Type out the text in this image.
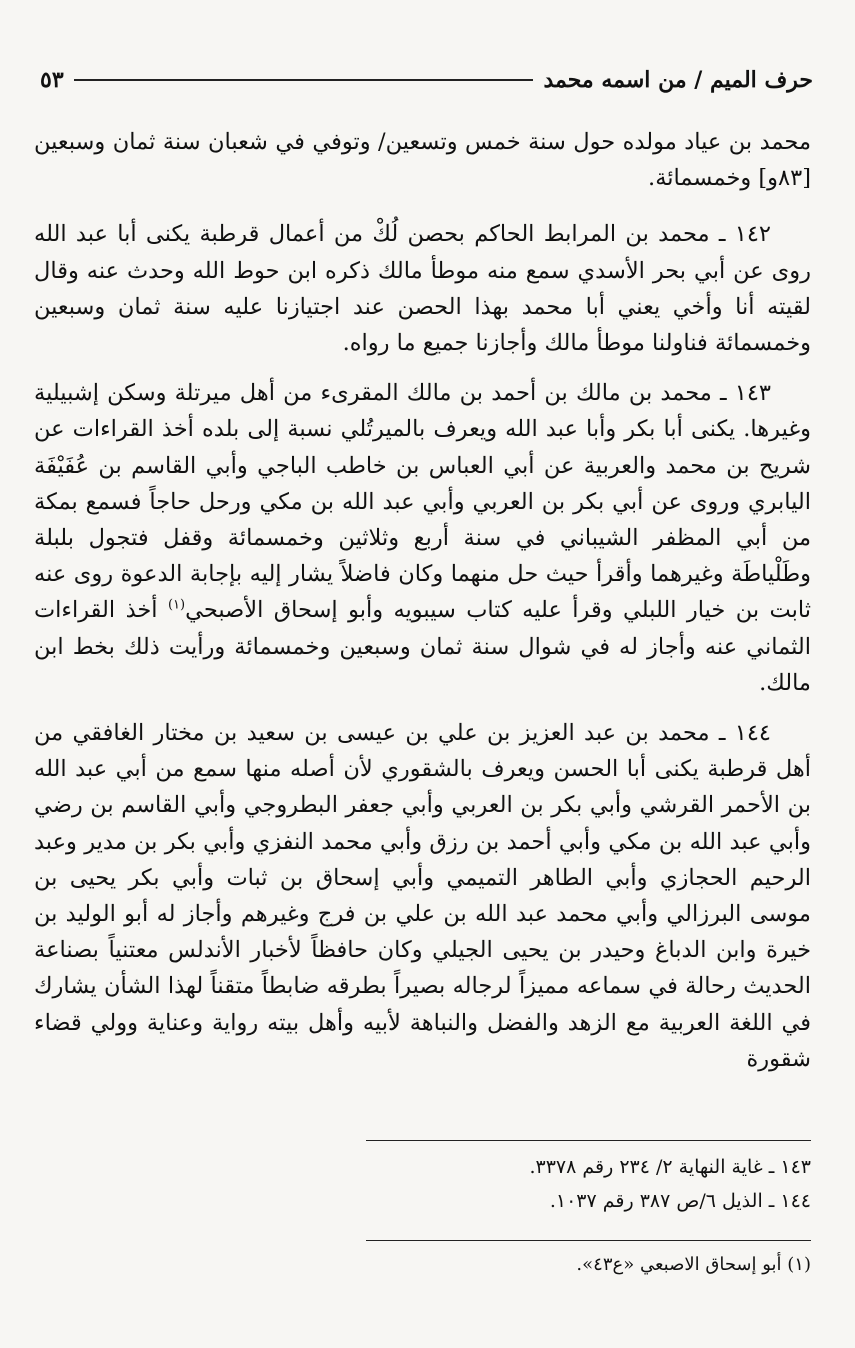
حرف الميم / من اسمه محمد
٥٣

محمد بن عياد مولده حول سنة خمس وتسعين/ وتوفي في شعبان سنة ثمان وسبعين [٨٣و] وخمسمائة.

١٤٢ ـ محمد بن المرابط الحاكم بحصن لُكْ من أعمال قرطبة يكنى أبا عبد الله روى عن أبي بحر الأسدي سمع منه موطأ مالك ذكره ابن حوط الله وحدث عنه وقال لقيته أنا وأخي يعني أبا محمد بهذا الحصن عند اجتيازنا عليه سنة ثمان وسبعين وخمسمائة فناولنا موطأ مالك وأجازنا جميع ما رواه.

١٤٣ ـ محمد بن مالك بن أحمد بن مالك المقرىء من أهل ميرتلة وسكن إشبيلية وغيرها. يكنى أبا بكر وأبا عبد الله ويعرف بالميرتُلي نسبة إلى بلده أخذ القراءات عن شريح بن محمد والعربية عن أبي العباس بن خاطب الباجي وأبي القاسم بن عُفَيْفَة اليابري وروى عن أبي بكر بن العربي وأبي عبد الله بن مكي ورحل حاجاً فسمع بمكة من أبي المظفر الشيباني في سنة أربع وثلاثين وخمسمائة وقفل فتجول بلبلة وطَلْياطَة وغيرهما وأقرأ حيث حل منهما وكان فاضلاً يشار إليه بإجابة الدعوة روى عنه ثابت بن خيار اللبلي وقرأ عليه كتاب سيبويه وأبو إسحاق الأصبحي$^{(١)}$ أخذ القراءات الثماني عنه وأجاز له في شوال سنة ثمان وسبعين وخمسمائة ورأيت ذلك بخط ابن مالك.

١٤٤ ـ محمد بن عبد العزيز بن علي بن عيسى بن سعيد بن مختار الغافقي من أهل قرطبة يكنى أبا الحسن ويعرف بالشقوري لأن أصله منها سمع من أبي عبد الله بن الأحمر القرشي وأبي بكر بن العربي وأبي جعفر البطروجي وأبي القاسم بن رضي وأبي عبد الله بن مكي وأبي أحمد بن رزق وأبي محمد النفزي وأبي بكر بن مدير وعبد الرحيم الحجازي وأبي الطاهر التميمي وأبي إسحاق بن ثبات وأبي بكر يحيى بن موسى البرزالي وأبي محمد عبد الله بن علي بن فرج وغيرهم وأجاز له أبو الوليد بن خيرة وابن الدباغ وحيدر بن يحيى الجيلي وكان حافظاً لأخبار الأندلس معتنياً بصناعة الحديث رحالة في سماعه مميزاً لرجاله بصيراً بطرقه ضابطاً متقناً لهذا الشأن يشارك في اللغة العربية مع الزهد والفضل والنباهة لأبيه وأهل بيته رواية وعناية وولي قضاء شقورة

١٤٣ ـ غاية النهاية ٢/ ٢٣٤ رقم ٣٣٧٨.
١٤٤ ـ الذيل ٦/ص ٣٨٧ رقم ١٠٣٧.
(١) أبو إسحاق الاصبعي «ع٤٣».
